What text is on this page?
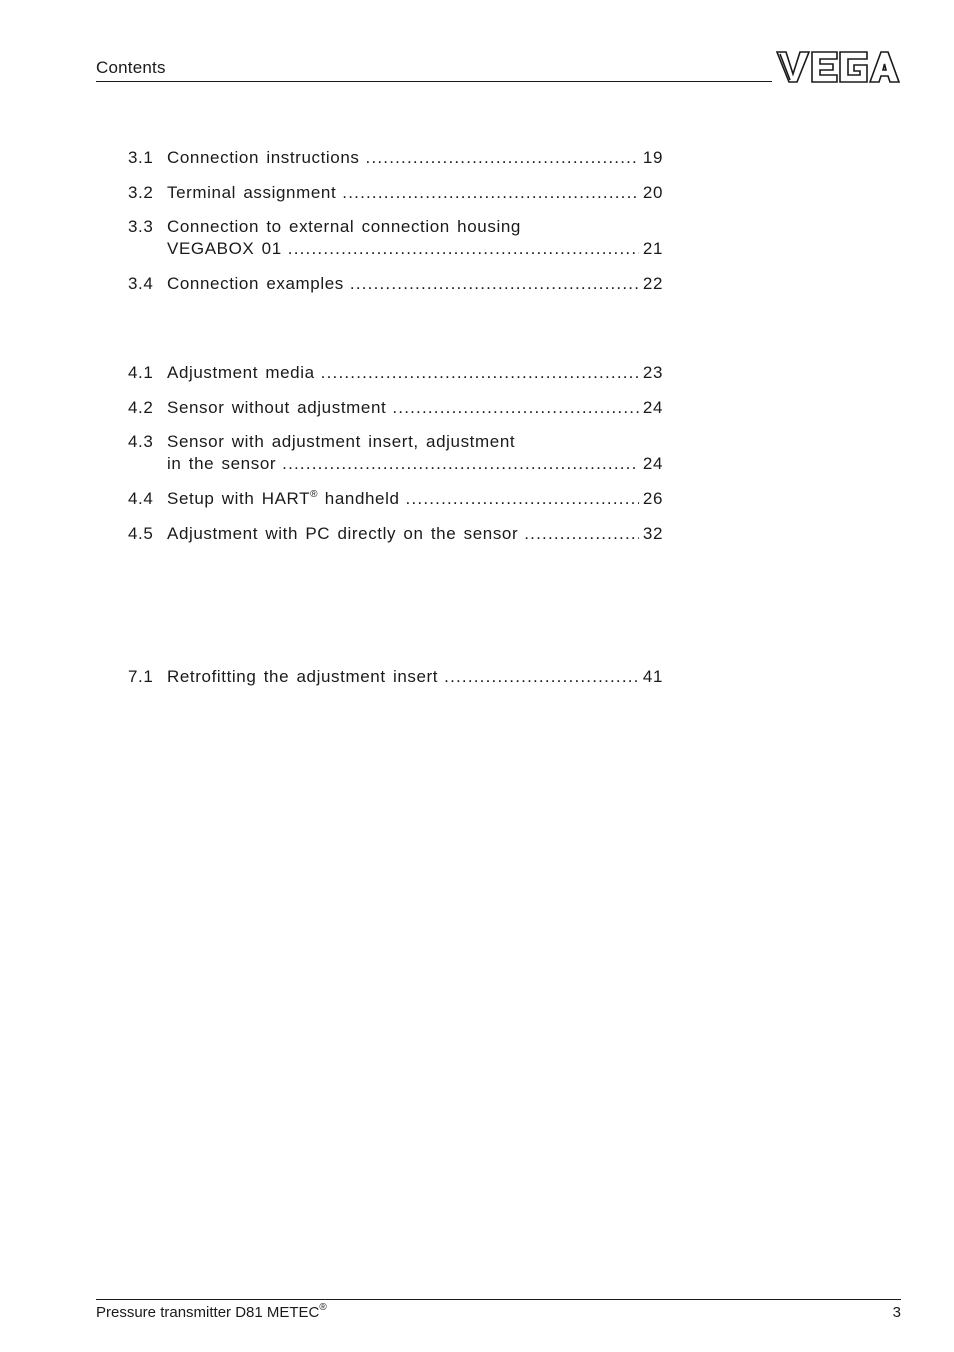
Contents
3.1 Connection instructions .....	19
3.2 Terminal assignment .....	20
3.3 Connection to external connection housing
VEGABOX 01 .....	21
3.4 Connection examples .....	22
4.1 Adjustment media .....	23
4.2 Sensor without adjustment .....	24
4.3 Sensor with adjustment insert, adjustment
in the sensor .....	24
4.4 Setup with HART® handheld .....	26
4.5 Adjustment with PC directly on the sensor .....	32
7.1 Retrofitting the adjustment insert .....	41
Pressure transmitter D81 METEC®	3
